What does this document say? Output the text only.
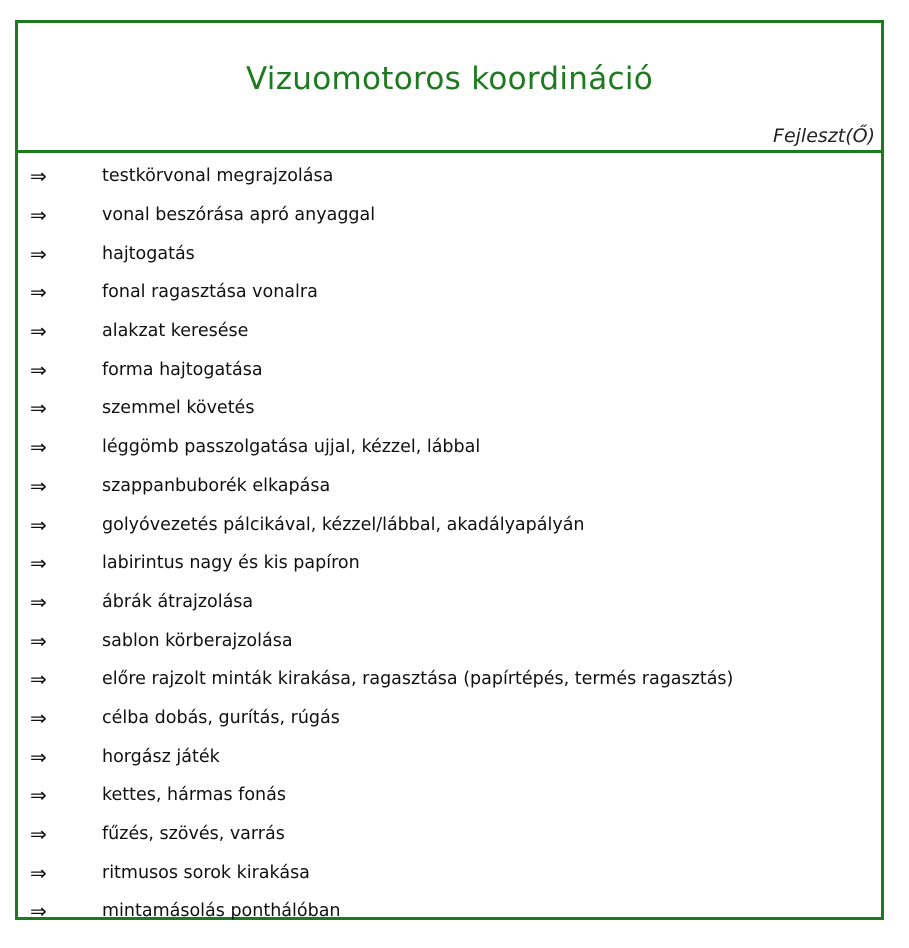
Vizuomotoros koordináció
Fejleszt(Ő)
⇒	testkörvonal megrajzolása
⇒	vonal beszórása apró anyaggal
⇒	hajtogatás
⇒	fonal ragasztása vonalra
⇒	alakzat keresése
⇒	forma hajtogatása
⇒	szemmel követés
⇒	léggömb passzolgatása ujjal, kézzel, lábbal
⇒	szappanbuborék elkapása
⇒	golyóvezetés pálcikával, kézzel/lábbal, akadályapályán
⇒	labirintus nagy és kis papíron
⇒	ábrák átrajzolása
⇒	sablon körberajzolása
⇒	előre rajzolt minták kirakása, ragasztása (papírtépés, termés ragasztás)
⇒	célba dobás, gurítás, rúgás
⇒	horgász játék
⇒	kettes, hármas fonás
⇒	fűzés, szövés, varrás
⇒	ritmusos sorok kirakása
⇒	mintamásolás ponthálóban
